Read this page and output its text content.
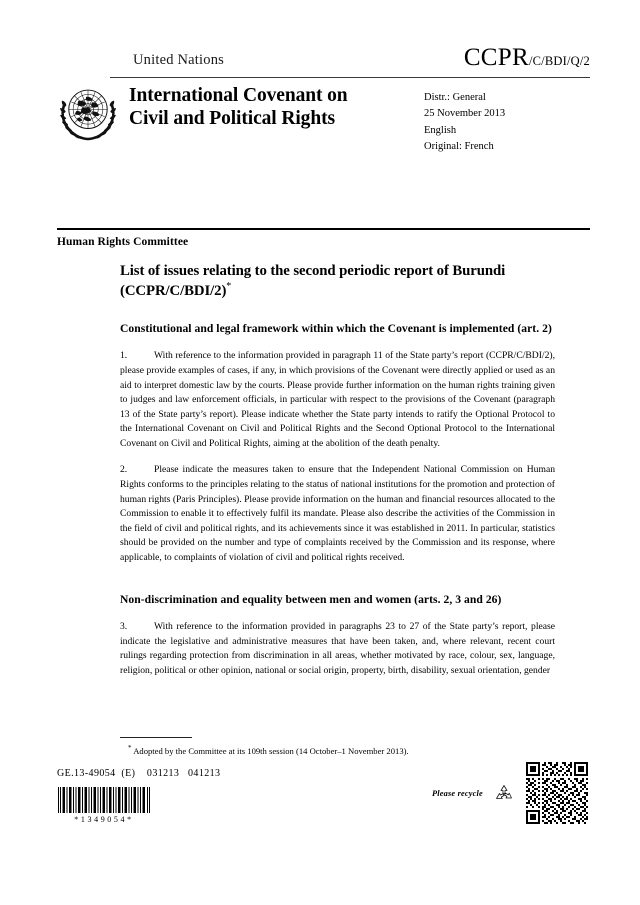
United Nations	CCPR/C/BDI/Q/2
International Covenant on
Civil and Political Rights
Distr.: General
25 November 2013
English
Original: French
Human Rights Committee
List of issues relating to the second periodic report of Burundi (CCPR/C/BDI/2)*
Constitutional and legal framework within which the Covenant is implemented (art. 2)

1.	With reference to the information provided in paragraph 11 of the State party’s report (CCPR/C/BDI/2), please provide examples of cases, if any, in which provisions of the Covenant were directly applied or used as an aid to interpret domestic law by the courts. Please provide further information on the human rights training given to judges and law enforcement officials, in particular with respect to the provisions of the Covenant (paragraph 13 of the State party’s report). Please indicate whether the State party intends to ratify the Optional Protocol to the International Covenant on Civil and Political Rights and the Second Optional Protocol to the International Covenant on Civil and Political Rights, aiming at the abolition of the death penalty.

2.	Please indicate the measures taken to ensure that the Independent National Commission on Human Rights conforms to the principles relating to the status of national institutions for the promotion and protection of human rights (Paris Principles). Please provide information on the human and financial resources allocated to the Commission to enable it to effectively fulfil its mandate. Please also describe the activities of the Commission in the field of civil and political rights, and its achievements since it was established in 2011. In particular, statistics should be provided on the number and type of complaints received by the Commission and its response, where applicable, to complaints of violation of civil and political rights received.

Non-discrimination and equality between men and women (arts. 2, 3 and 26)

3.	With reference to the information provided in paragraphs 23 to 27 of the State party’s report, please indicate the legislative and administrative measures that have been taken, and, where relevant, recent court rulings regarding protection from discrimination in all areas, whether motivated by race, colour, sex, language, religion, political or other opinion, national or social origin, property, birth, disability, sexual orientation, gender

* Adopted by the Committee at its 109th session (14 October–1 November 2013).
GE.13-49054  (E)    031213   041213
*1349054*
Please recycle
